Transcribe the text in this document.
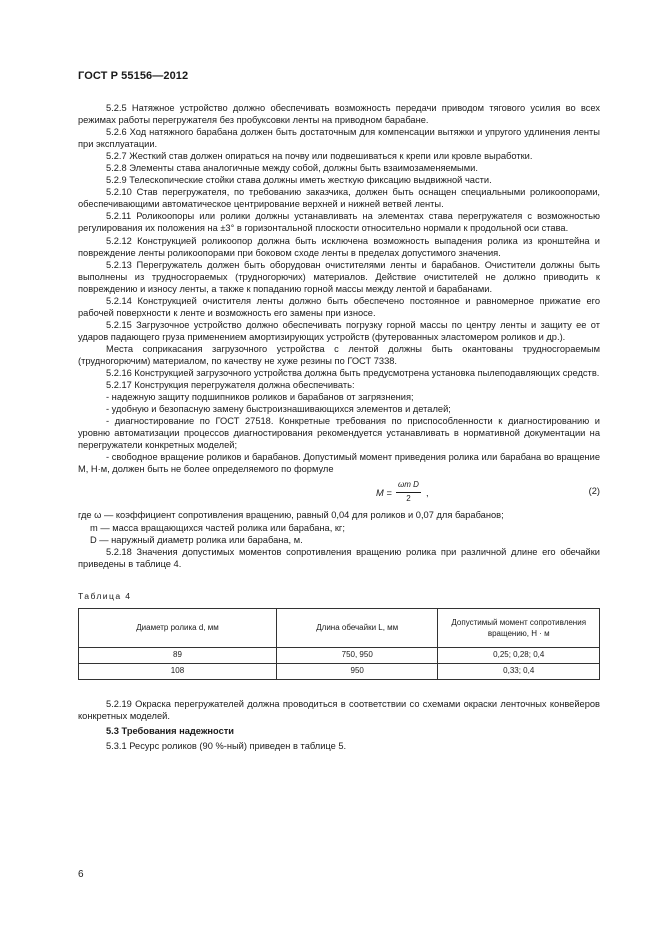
ГОСТ Р 55156—2012
5.2.5 Натяжное устройство должно обеспечивать возможность передачи приводом тягового усилия во всех режимах работы перегружателя без пробуксовки ленты на приводном барабане.
5.2.6 Ход натяжного барабана должен быть достаточным для компенсации вытяжки и упругого удлинения ленты при эксплуатации.
5.2.7 Жесткий став должен опираться на почву или подвешиваться к крепи или кровле выработки.
5.2.8 Элементы става аналогичные между собой, должны быть взаимозаменяемыми.
5.2.9 Телескопические стойки става должны иметь жесткую фиксацию выдвижной части.
5.2.10 Став перегружателя, по требованию заказчика, должен быть оснащен специальными роликоопорами, обеспечивающими автоматическое центрирование верхней и нижней ветвей ленты.
5.2.11 Роликоопоры или ролики должны устанавливать на элементах става перегружателя с возможностью регулирования их положения на ±3° в горизонтальной плоскости относительно нормали к продольной оси става.
5.2.12 Конструкцией роликоопор должна быть исключена возможность выпадения ролика из кронштейна и повреждение ленты роликоопорами при боковом сходе ленты в пределах допустимого значения.
5.2.13 Перегружатель должен быть оборудован очистителями ленты и барабанов. Очистители должны быть выполнены из трудносгораемых (трудногорючих) материалов. Действие очистителей не должно приводить к повреждению и износу ленты, а также к попаданию горной массы между лентой и барабанами.
5.2.14 Конструкцией очистителя ленты должно быть обеспечено постоянное и равномерное прижатие его рабочей поверхности к ленте и возможность его замены при износе.
5.2.15 Загрузочное устройство должно обеспечивать погрузку горной массы по центру ленты и защиту ее от ударов падающего груза применением амортизирующих устройств (футерованных эластомером роликов и др.).
Места соприкасания загрузочного устройства с лентой должны быть окантованы трудносгораемым (трудногорючим) материалом, по качеству не хуже резины по ГОСТ 7338.
5.2.16 Конструкцией загрузочного устройства должна быть предусмотрена установка пылеподавляющих средств.
5.2.17 Конструкция перегружателя должна обеспечивать:
- надежную защиту подшипников роликов и барабанов от загрязнения;
- удобную и безопасную замену быстроизнашивающихся элементов и деталей;
- диагностирование по ГОСТ 27518. Конкретные требования по приспособленности к диагностированию и уровню автоматизации процессов диагностирования рекомендуется устанавливать в нормативной документации на перегружатели конкретных моделей;
- свободное вращение роликов и барабанов. Допустимый момент приведения ролика или барабана во вращение M, H·м, должен быть не более определяемого по формуле
$M = \frac{\text{ωm D}}{2}$ ,	(2)
где ω — коэффициент сопротивления вращению, равный 0,04 для роликов и 0,07 для барабанов;
m — масса вращающихся частей ролика или барабана, кг;
D — наружный диаметр ролика или барабана, м.
5.2.18 Значения допустимых моментов сопротивления вращению ролика при различной длине его обечайки приведены в таблице 4.
Таблица 4
Диаметр ролика d, мм	Длина обечайки L, мм	Допустимый момент сопротивления вращению, Н · м
89	750, 950	0,25; 0,28; 0,4
108	950	0,33; 0,4
5.2.19 Окраска перегружателей должна проводиться в соответствии со схемами окраски ленточных конвейеров конкретных моделей.
5.3 Требования надежности
5.3.1 Ресурс роликов (90 %-ный) приведен в таблице 5.
6
